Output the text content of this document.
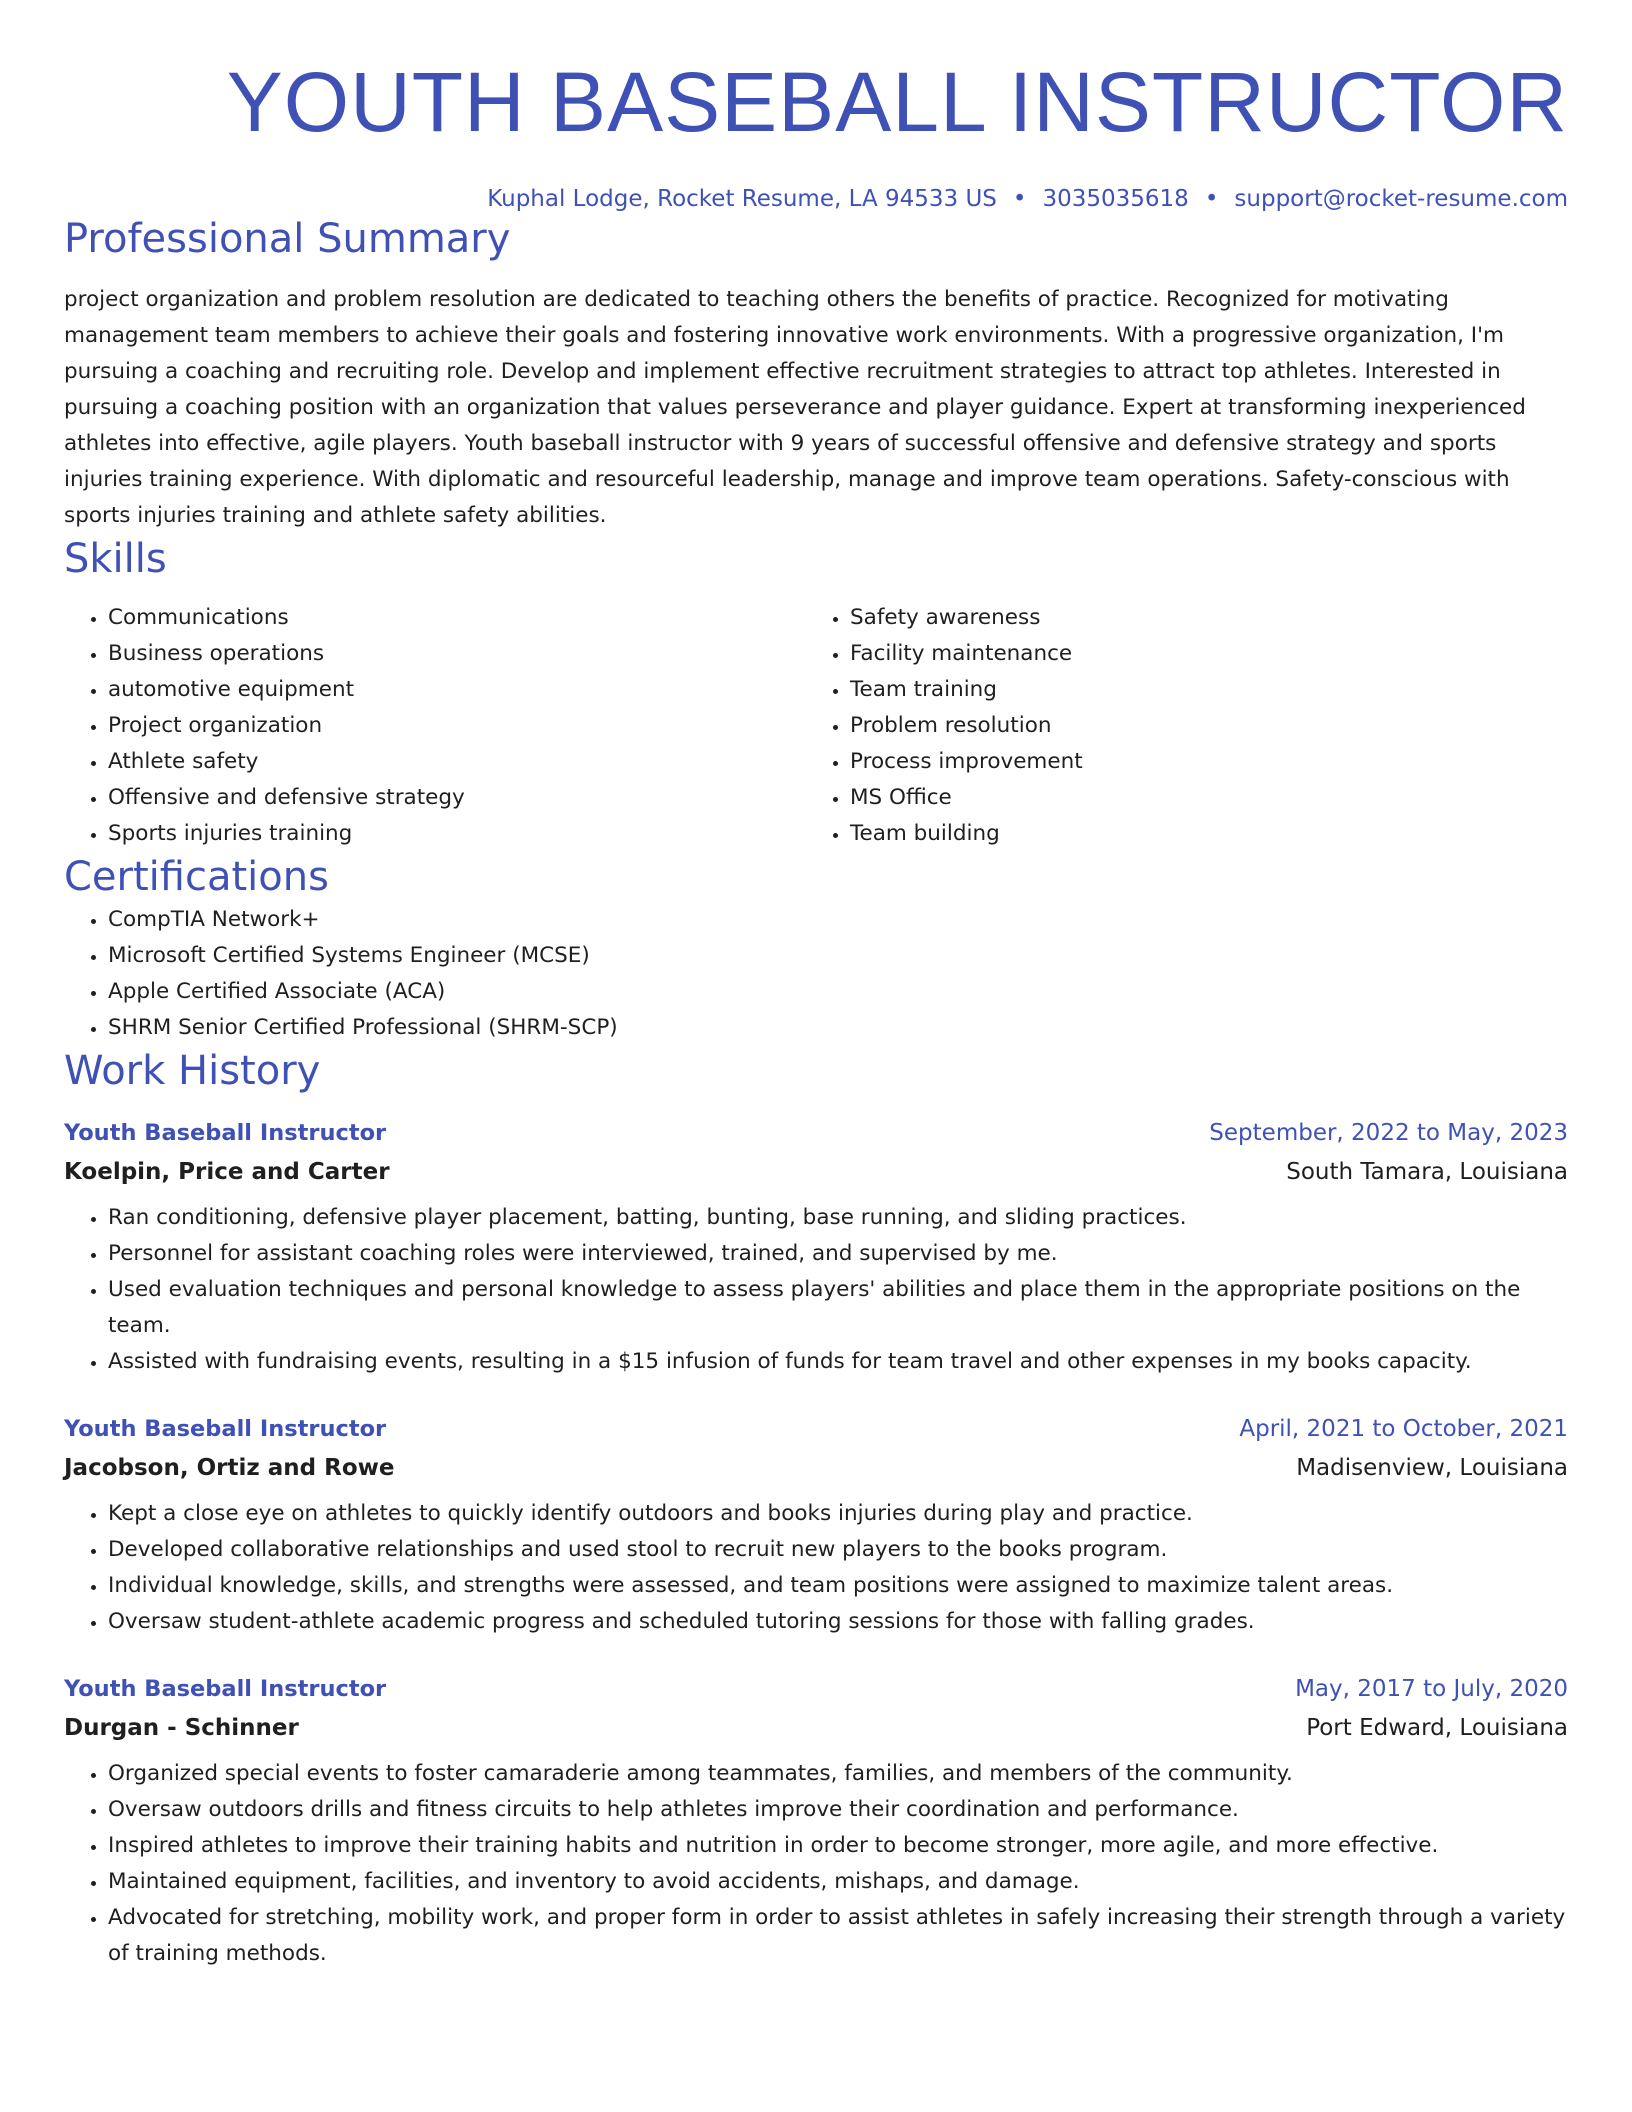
YOUTH BASEBALL INSTRUCTOR
Kuphal Lodge, Rocket Resume, LA 94533 US • 3035035618 • support@rocket-resume.com
Professional Summary

project organization and problem resolution are dedicated to teaching others the benefits of practice. Recognized for motivating management team members to achieve their goals and fostering innovative work environments. With a progressive organization, I'm pursuing a coaching and recruiting role. Develop and implement effective recruitment strategies to attract top athletes. Interested in pursuing a coaching position with an organization that values perseverance and player guidance. Expert at transforming inexperienced athletes into effective, agile players. Youth baseball instructor with 9 years of successful offensive and defensive strategy and sports injuries training experience. With diplomatic and resourceful leadership, manage and improve team operations. Safety-conscious with sports injuries training and athlete safety abilities.

Skills
• Communications
• Business operations
• automotive equipment
• Project organization
• Athlete safety
• Offensive and defensive strategy
• Sports injuries training
• Safety awareness
• Facility maintenance
• Team training
• Problem resolution
• Process improvement
• MS Office
• Team building
Certifications
• CompTIA Network+
• Microsoft Certified Systems Engineer (MCSE)
• Apple Certified Associate (ACA)
• SHRM Senior Certified Professional (SHRM-SCP)
Work History
Youth Baseball Instructor	September, 2022 to May, 2023
Koelpin, Price and Carter	South Tamara, Louisiana
• Ran conditioning, defensive player placement, batting, bunting, base running, and sliding practices.
• Personnel for assistant coaching roles were interviewed, trained, and supervised by me.
• Used evaluation techniques and personal knowledge to assess players' abilities and place them in the appropriate positions on the team.
• Assisted with fundraising events, resulting in a $15 infusion of funds for team travel and other expenses in my books capacity.
Youth Baseball Instructor	April, 2021 to October, 2021
Jacobson, Ortiz and Rowe	Madisenview, Louisiana
• Kept a close eye on athletes to quickly identify outdoors and books injuries during play and practice.
• Developed collaborative relationships and used stool to recruit new players to the books program.
• Individual knowledge, skills, and strengths were assessed, and team positions were assigned to maximize talent areas.
• Oversaw student-athlete academic progress and scheduled tutoring sessions for those with falling grades.
Youth Baseball Instructor	May, 2017 to July, 2020
Durgan - Schinner	Port Edward, Louisiana
• Organized special events to foster camaraderie among teammates, families, and members of the community.
• Oversaw outdoors drills and fitness circuits to help athletes improve their coordination and performance.
• Inspired athletes to improve their training habits and nutrition in order to become stronger, more agile, and more effective.
• Maintained equipment, facilities, and inventory to avoid accidents, mishaps, and damage.
• Advocated for stretching, mobility work, and proper form in order to assist athletes in safely increasing their strength through a variety of training methods.
